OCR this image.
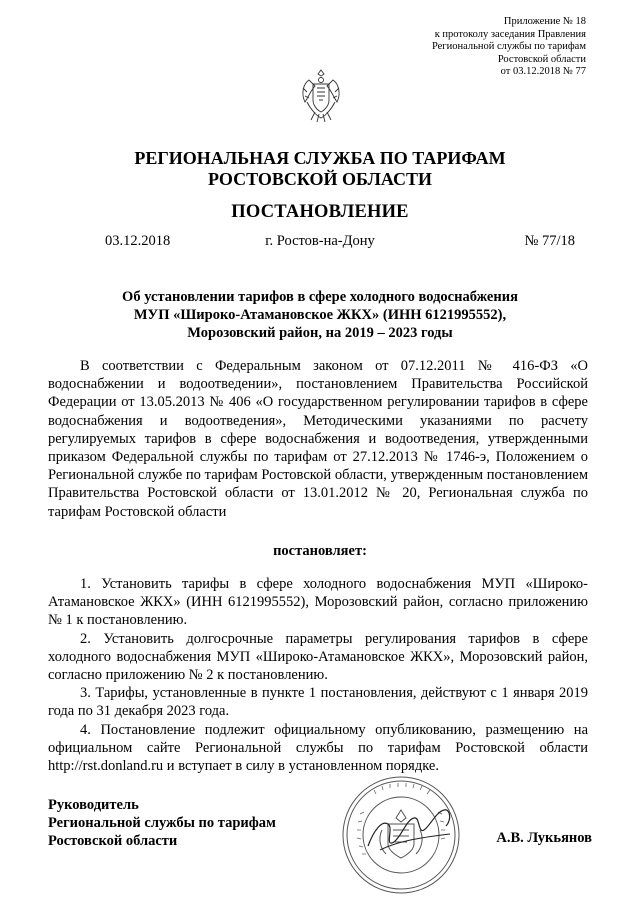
Приложение № 18
к протоколу заседания Правления
Региональной службы по тарифам
Ростовской области
от 03.12.2018 № 77
РЕГИОНАЛЬНАЯ СЛУЖБА ПО ТАРИФАМ
РОСТОВСКОЙ ОБЛАСТИ
ПОСТАНОВЛЕНИЕ
03.12.2018	г. Ростов-на-Дону	№ 77/18
Об установлении тарифов в сфере холодного водоснабжения
МУП «Широко-Атамановское ЖКХ» (ИНН 6121995552),
Морозовский район, на 2019 – 2023 годы
В соответствии с Федеральным законом от 07.12.2011 № 416-ФЗ «О водоснабжении и водоотведении», постановлением Правительства Российской Федерации от 13.05.2013 № 406 «О государственном регулировании тарифов в сфере водоснабжения и водоотведения», Методическими указаниями по расчету регулируемых тарифов в сфере водоснабжения и водоотведения, утвержденными приказом Федеральной службы по тарифам от 27.12.2013 № 1746-э, Положением о Региональной службе по тарифам Ростовской области, утвержденным постановлением Правительства Ростовской области от 13.01.2012 № 20, Региональная служба по тарифам Ростовской области
постановляет:

1. Установить тарифы в сфере холодного водоснабжения МУП «Широко-Атамановское ЖКХ» (ИНН 6121995552), Морозовский район, согласно приложению № 1 к постановлению.

2. Установить долгосрочные параметры регулирования тарифов в сфере холодного водоснабжения МУП «Широко-Атамановское ЖКХ», Морозовский район, согласно приложению № 2 к постановлению.

3. Тарифы, установленные в пункте 1 постановления, действуют с 1 января 2019 года по 31 декабря 2023 года.

4. Постановление подлежит официальному опубликованию, размещению на официальном сайте Региональной службы по тарифам Ростовской области http://rst.donland.ru и вступает в силу в установленном порядке.

Руководитель
Региональной службы по тарифам
Ростовской области	А.В. Лукьянов
